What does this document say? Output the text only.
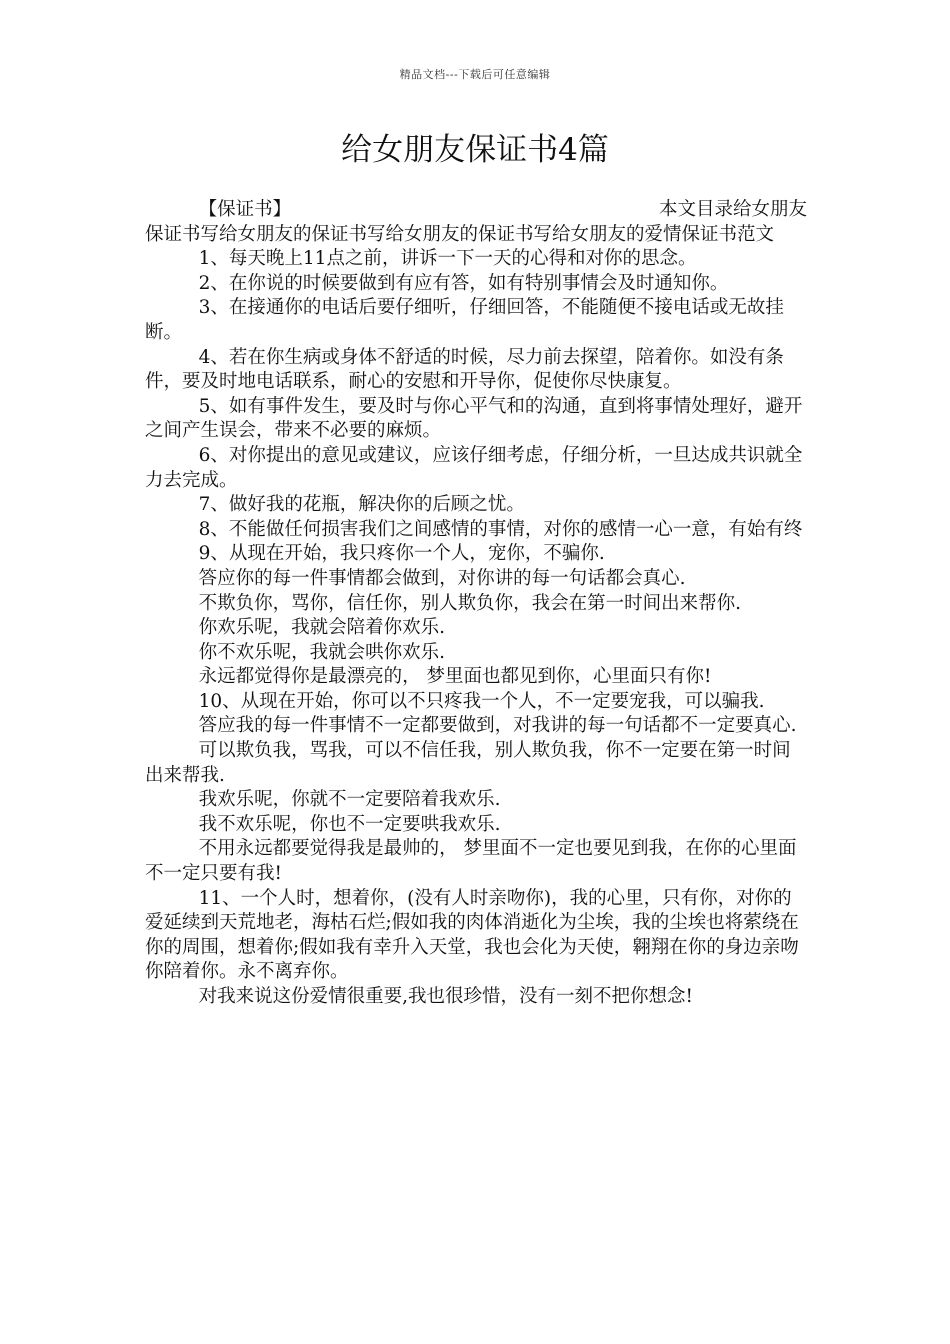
精品文档---下载后可任意编辑
给女朋友保证书4篇
【保证书】	本文目录给女朋友

保证书写给女朋友的保证书写给女朋友的保证书写给女朋友的爱情保证书范文

1、每天晚上11点之前，讲诉一下一天的心得和对你的思念。

2、在你说的时候要做到有应有答，如有特别事情会及时通知你。

3、在接通你的电话后要仔细听，仔细回答，不能随便不接电话或无故挂断。

4、若在你生病或身体不舒适的时候，尽力前去探望，陪着你。如没有条件，要及时地电话联系，耐心的安慰和开导你，促使你尽快康复。

5、如有事件发生，要及时与你心平气和的沟通，直到将事情处理好，避开之间产生误会，带来不必要的麻烦。

6、对你提出的意见或建议，应该仔细考虑，仔细分析，一旦达成共识就全力去完成。

7、做好我的花瓶，解决你的后顾之忧。

8、不能做任何损害我们之间感情的事情，对你的感情一心一意，有始有终

9、从现在开始，我只疼你一个人，宠你，不骗你.

答应你的每一件事情都会做到，对你讲的每一句话都会真心.

不欺负你，骂你，信任你，别人欺负你，我会在第一时间出来帮你.

你欢乐呢，我就会陪着你欢乐.

你不欢乐呢，我就会哄你欢乐.

永远都觉得你是最漂亮的， 梦里面也都见到你，心里面只有你!

10、从现在开始，你可以不只疼我一个人，不一定要宠我，可以骗我.

答应我的每一件事情不一定都要做到，对我讲的每一句话都不一定要真心.

可以欺负我，骂我，可以不信任我，别人欺负我，你不一定要在第一时间出来帮我.

我欢乐呢，你就不一定要陪着我欢乐.

我不欢乐呢，你也不一定要哄我欢乐.

不用永远都要觉得我是最帅的， 梦里面不一定也要见到我，在你的心里面不一定只要有我!

11、一个人时，想着你，(没有人时亲吻你)，我的心里，只有你，对你的爱延续到天荒地老，海枯石烂;假如我的肉体消逝化为尘埃，我的尘埃也将萦绕在你的周围，想着你;假如我有幸升入天堂，我也会化为天使，翱翔在你的身边亲吻你陪着你。永不离弃你。

对我来说这份爱情很重要,我也很珍惜，没有一刻不把你想念!
